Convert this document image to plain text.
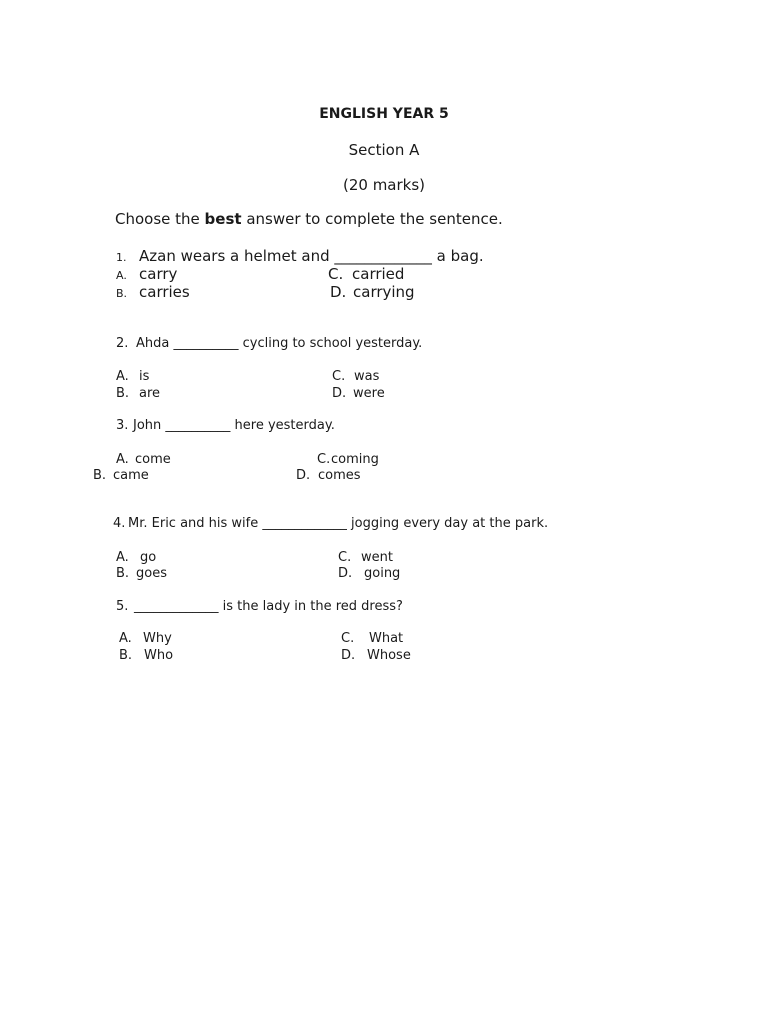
ENGLISH YEAR 5
Section A
(20 marks)
Choose the best answer to complete the sentence.
1. Azan wears a helmet and _____________ a bag.
A. carry
B. carries
C. carried
D. carrying
2. Ahda __________ cycling to school yesterday.
A. is
B. are
C. was
D. were
3. John __________ here yesterday.
A. come
B. came
C. coming
D. comes
4. Mr. Eric and his wife _____________ jogging every day at the park.
A. go
B. goes
C. went
D. going
5. _____________ is the lady in the red dress?
A. Why
B. Who
C. What
D. Whose
